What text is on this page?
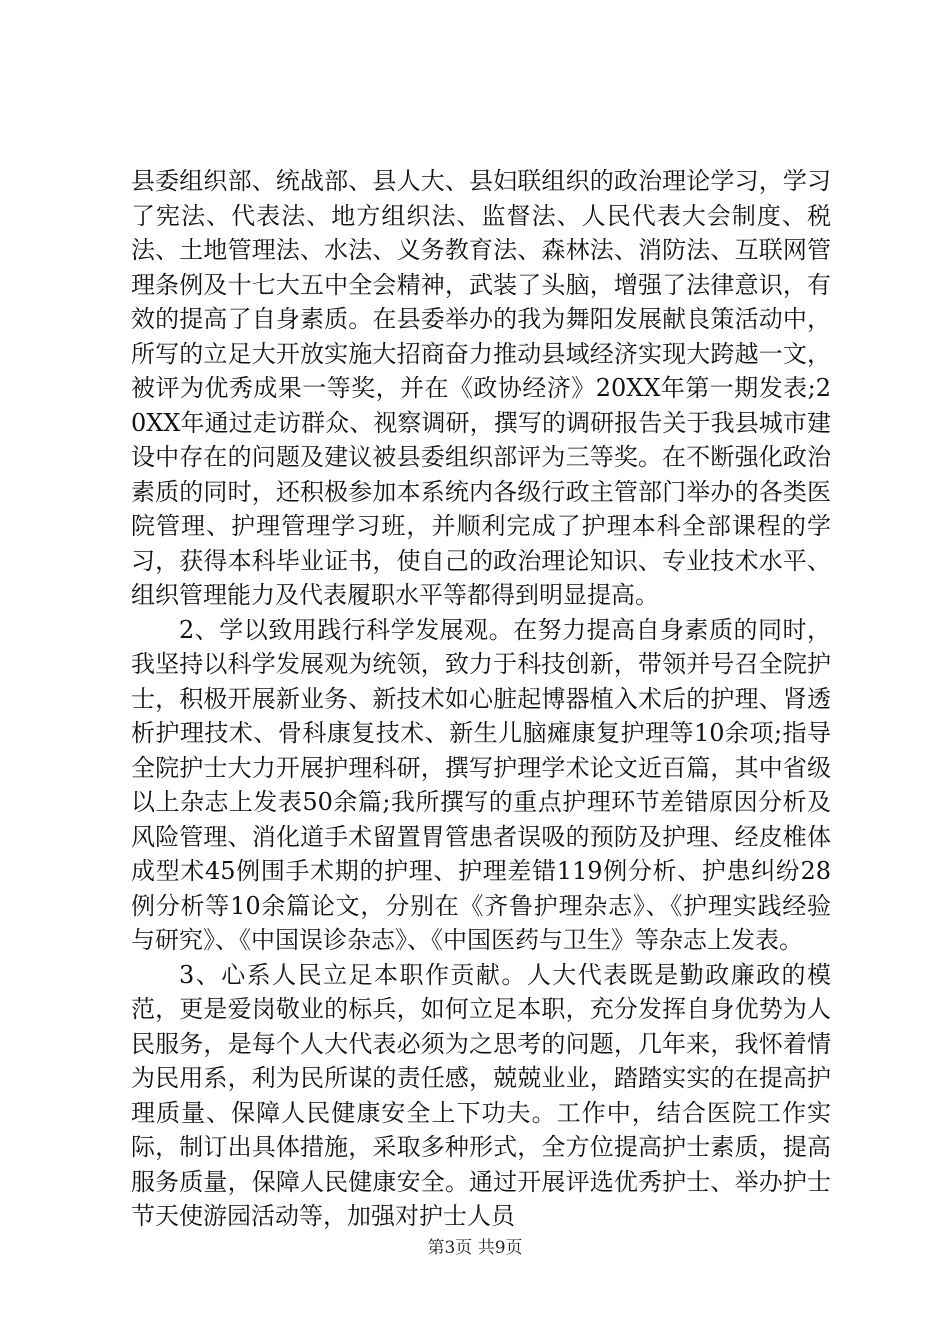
县委组织部、统战部、县人大、县妇联组织的政治理论学习，学习了宪法、代表法、地方组织法、监督法、人民代表大会制度、税法、土地管理法、水法、义务教育法、森林法、消防法、互联网管理条例及十七大五中全会精神，武装了头脑，增强了法律意识，有效的提高了自身素质。在县委举办的我为舞阳发展献良策活动中，所写的立足大开放实施大招商奋力推动县域经济实现大跨越一文，被评为优秀成果一等奖，并在《政协经济》20XX年第一期发表;20XX年通过走访群众、视察调研，撰写的调研报告关于我县城市建设中存在的问题及建议被县委组织部评为三等奖。在不断强化政治素质的同时，还积极参加本系统内各级行政主管部门举办的各类医院管理、护理管理学习班，并顺利完成了护理本科全部课程的学习，获得本科毕业证书，使自己的政治理论知识、专业技术水平、组织管理能力及代表履职水平等都得到明显提高。

2、学以致用践行科学发展观。在努力提高自身素质的同时，我坚持以科学发展观为统领，致力于科技创新，带领并号召全院护士，积极开展新业务、新技术如心脏起博器植入术后的护理、肾透析护理技术、骨科康复技术、新生儿脑瘫康复护理等10余项;指导全院护士大力开展护理科研，撰写护理学术论文近百篇，其中省级以上杂志上发表50余篇;我所撰写的重点护理环节差错原因分析及风险管理、消化道手术留置胃管患者误吸的预防及护理、经皮椎体成型术45例围手术期的护理、护理差错119例分析、护患纠纷28例分析等10余篇论文，分别在《齐鲁护理杂志》、《护理实践经验与研究》、《中国误诊杂志》、《中国医药与卫生》等杂志上发表。

3、心系人民立足本职作贡献。人大代表既是勤政廉政的模范，更是爱岗敬业的标兵，如何立足本职，充分发挥自身优势为人民服务，是每个人大代表必须为之思考的问题，几年来，我怀着情为民用系，利为民所谋的责任感，兢兢业业，踏踏实实的在提高护理质量、保障人民健康安全上下功夫。工作中，结合医院工作实际，制订出具体措施，采取多种形式，全方位提高护士素质，提高服务质量，保障人民健康安全。通过开展评选优秀护士、举办护士节天使游园活动等，加强对护士人员

第3页 共9页
